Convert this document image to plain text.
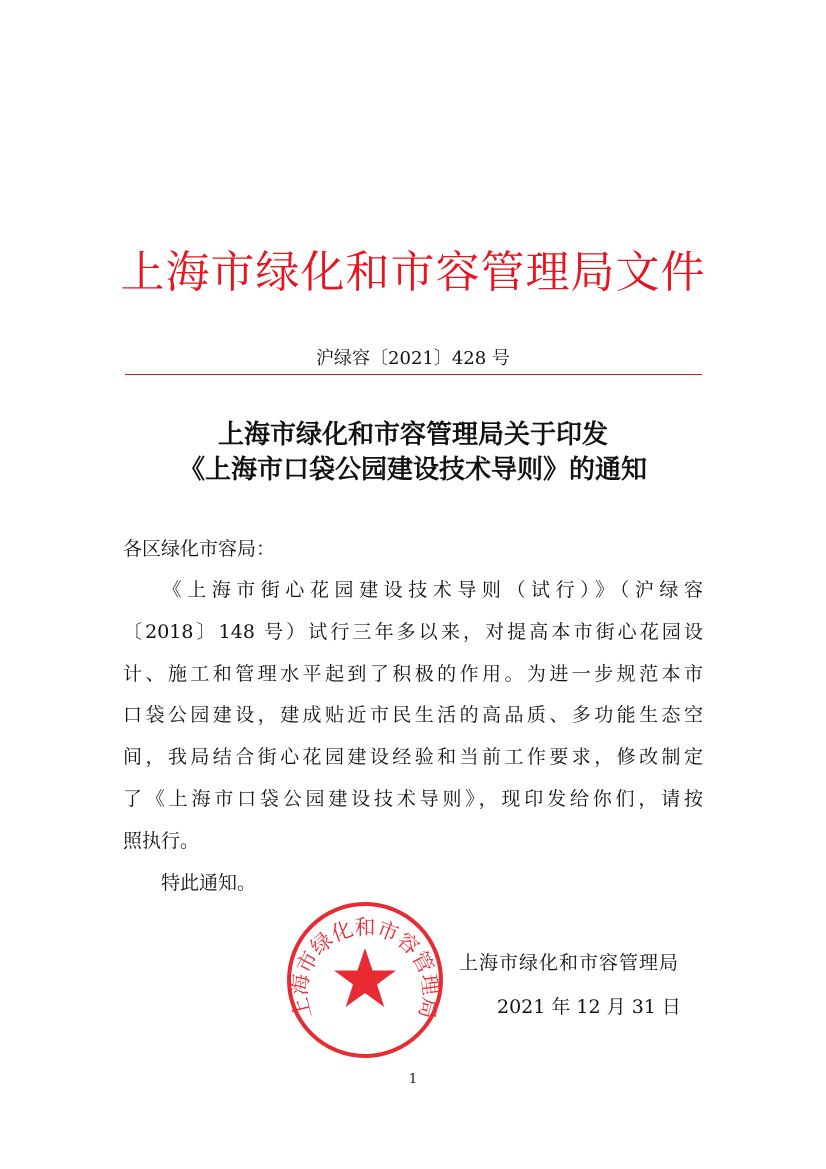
上海市绿化和市容管理局文件
沪绿容〔2021〕428 号
上海市绿化和市容管理局关于印发
《上海市口袋公园建设技术导则》的通知
各区绿化市容局：
　　《上海市街心花园建设技术导则（试行）》（沪绿容
〔2018〕148 号）试行三年多以来，对提高本市街心花园设
计、施工和管理水平起到了积极的作用。为进一步规范本市
口袋公园建设，建成贴近市民生活的高品质、多功能生态空
间，我局结合街心花园建设经验和当前工作要求，修改制定
了《上海市口袋公园建设技术导则》，现印发给你们，请按
照执行。
　　特此通知。
上海市绿化和市容管理局
2021 年 12 月 31 日
上海市绿化和市容管理局
1
